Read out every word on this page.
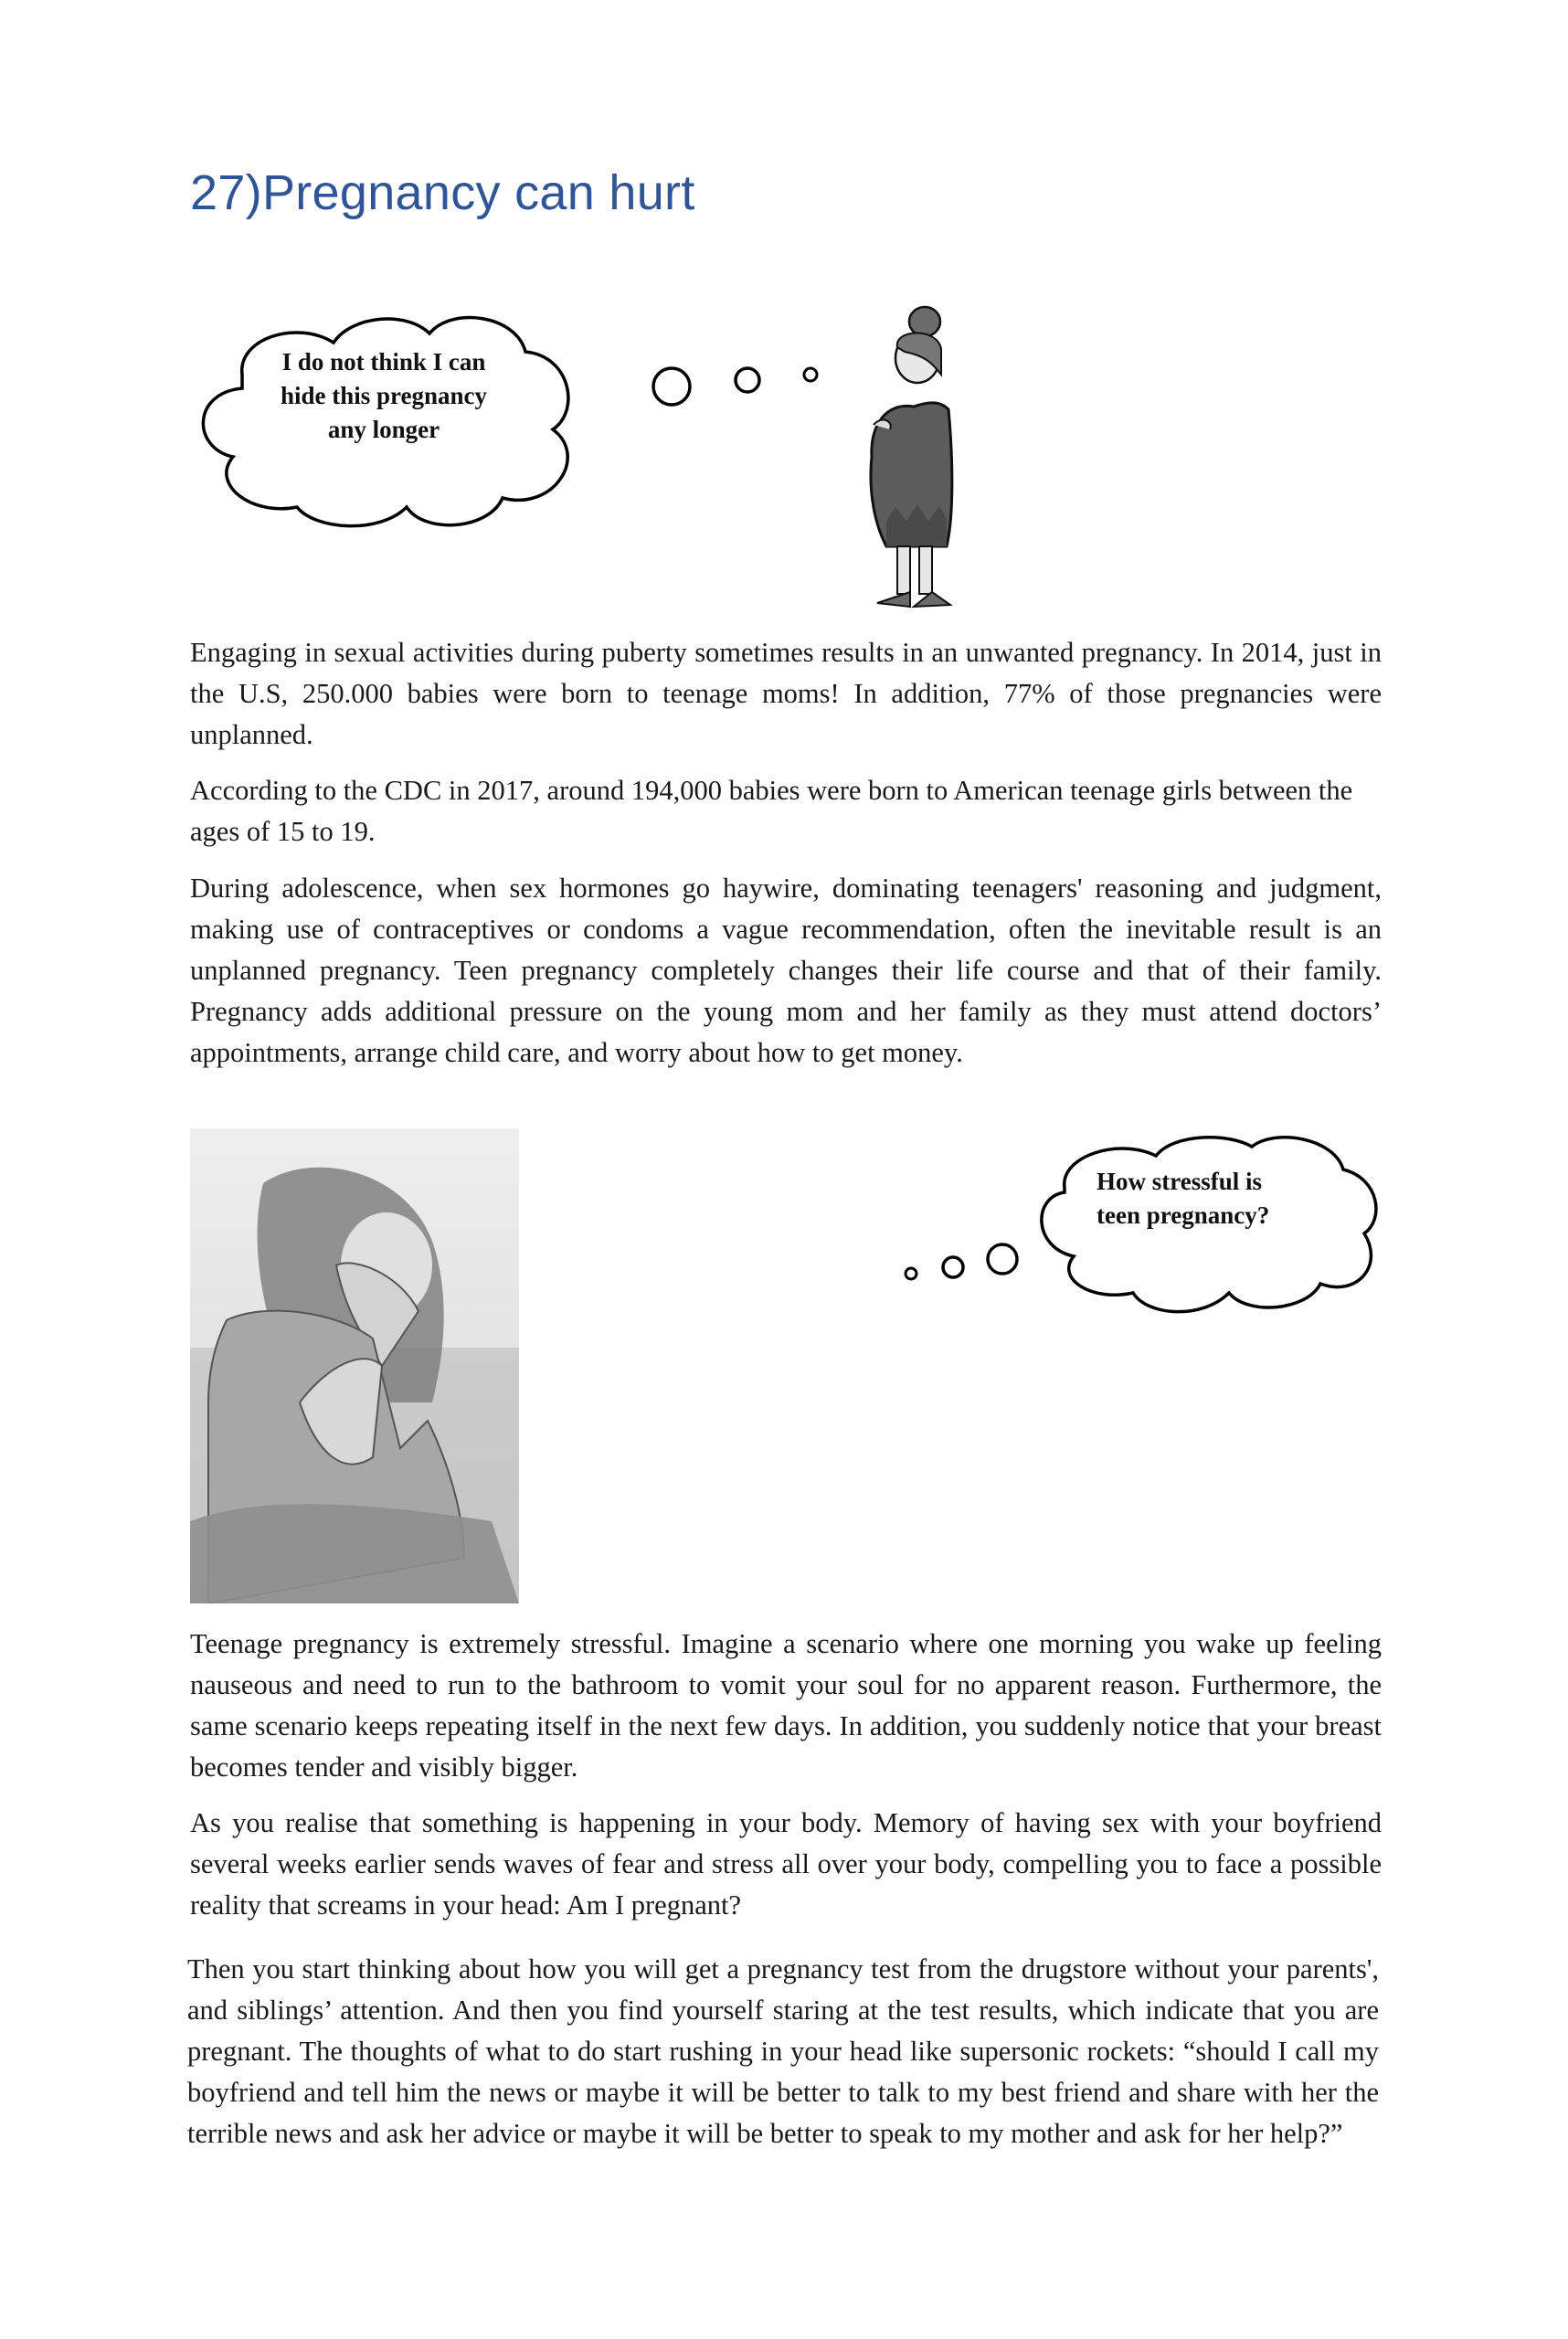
27)Pregnancy can hurt
I do not think I can
hide this pregnancy
any longer

Engaging in sexual activities during puberty sometimes results in an unwanted pregnancy. In 2014, just in the U.S, 250.000 babies were born to teenage moms! In addition, 77% of those pregnancies were unplanned.

According to the CDC in 2017, around 194,000 babies were born to American teenage girls between the ages of 15 to 19.

During adolescence, when sex hormones go haywire, dominating teenagers' reasoning and judgment, making use of contraceptives or condoms a vague recommendation, often the inevitable result is an unplanned pregnancy. Teen pregnancy completely changes their life course and that of their family. Pregnancy adds additional pressure on the young mom and her family as they must attend doctors’ appointments, arrange child care, and worry about how to get money.

How stressful is
teen pregnancy?

Teenage pregnancy is extremely stressful. Imagine a scenario where one morning you wake up feeling nauseous and need to run to the bathroom to vomit your soul for no apparent reason. Furthermore, the same scenario keeps repeating itself in the next few days. In addition, you suddenly notice that your breast becomes tender and visibly bigger.

As you realise that something is happening in your body. Memory of having sex with your boyfriend several weeks earlier sends waves of fear and stress all over your body, compelling you to face a possible reality that screams in your head: Am I pregnant?

Then you start thinking about how you will get a pregnancy test from the drugstore without your parents', and siblings’ attention. And then you find yourself staring at the test results, which indicate that you are pregnant. The thoughts of what to do start rushing in your head like supersonic rockets: “should I call my boyfriend and tell him the news or maybe it will be better to talk to my best friend and share with her the terrible news and ask her advice or maybe it will be better to speak to my mother and ask for her help?”
